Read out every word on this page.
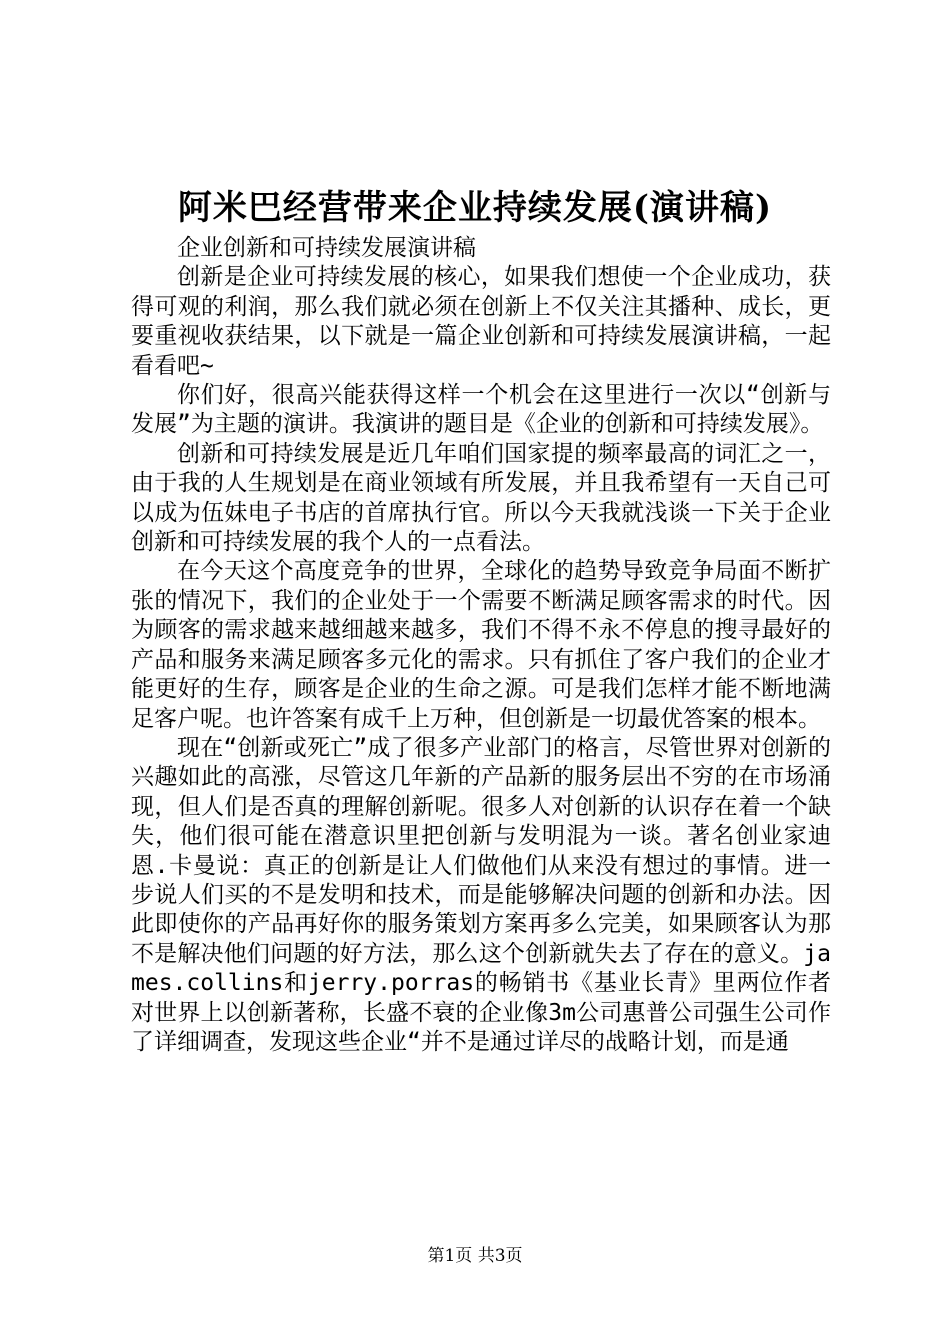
阿米巴经营带来企业持续发展(演讲稿)

企业创新和可持续发展演讲稿

创新是企业可持续发展的核心，如果我们想使一个企业成功，获得可观的利润，那么我们就必须在创新上不仅关注其播种、成长，更要重视收获结果，以下就是一篇企业创新和可持续发展演讲稿，一起看看吧~

你们好，很高兴能获得这样一个机会在这里进行一次以“创新与发展”为主题的演讲。我演讲的题目是《企业的创新和可持续发展》。

创新和可持续发展是近几年咱们国家提的频率最高的词汇之一，由于我的人生规划是在商业领域有所发展，并且我希望有一天自己可以成为伍妹电子书店的首席执行官。所以今天我就浅谈一下关于企业创新和可持续发展的我个人的一点看法。

在今天这个高度竞争的世界，全球化的趋势导致竞争局面不断扩张的情况下，我们的企业处于一个需要不断满足顾客需求的时代。因为顾客的需求越来越细越来越多，我们不得不永不停息的搜寻最好的产品和服务来满足顾客多元化的需求。只有抓住了客户我们的企业才能更好的生存，顾客是企业的生命之源。可是我们怎样才能不断地满足客户呢。也许答案有成千上万种，但创新是一切最优答案的根本。

现在“创新或死亡”成了很多产业部门的格言，尽管世界对创新的兴趣如此的高涨，尽管这几年新的产品新的服务层出不穷的在市场涌现，但人们是否真的理解创新呢。很多人对创新的认识存在着一个缺失，他们很可能在潜意识里把创新与发明混为一谈。著名创业家迪恩.卡曼说：真正的创新是让人们做他们从来没有想过的事情。进一步说人们买的不是发明和技术，而是能够解决问题的创新和办法。因此即使你的产品再好你的服务策划方案再多么完美，如果顾客认为那不是解决他们问题的好方法，那么这个创新就失去了存在的意义。james.collins和jerry.porras的畅销书《基业长青》里两位作者对世界上以创新著称，长盛不衰的企业像3m公司惠普公司强生公司作了详细调查，发现这些企业“并不是通过详尽的战略计划，而是通

第1页 共3页
